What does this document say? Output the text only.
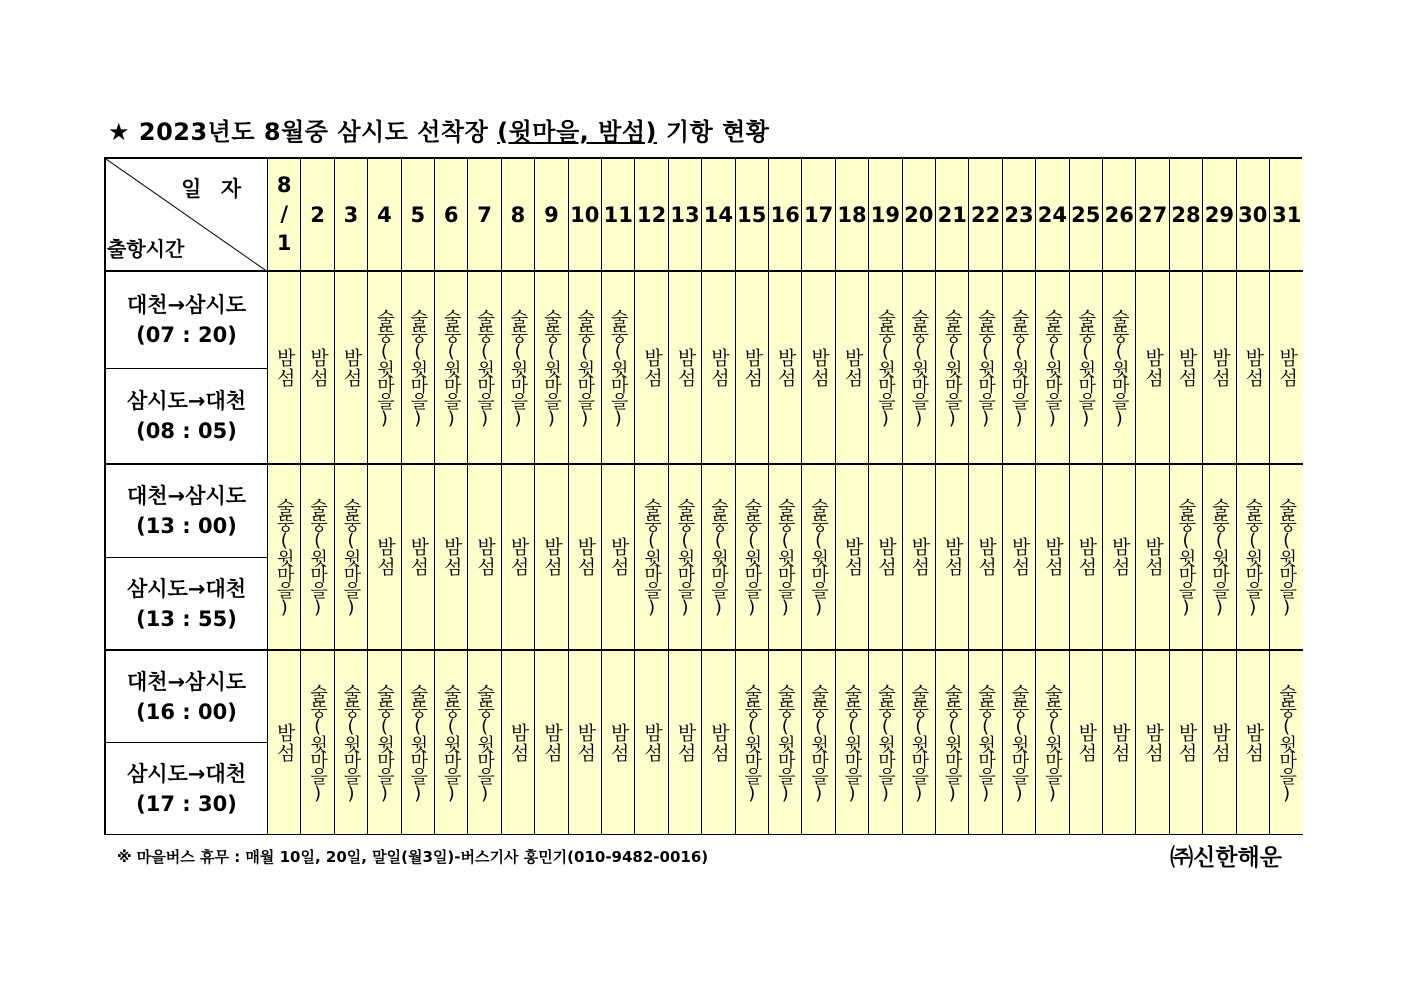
★ 2023년도 8월중 삼시도 선착장 (윗마을, 밤섬) 기항 현황
일 자
출항시간
8
/
1
2 3 4 5 6 7 8 9 10 11 12 13 14 15 16 17 18 19 20 21 22 23 24 25 26 27 28 29 30 31
대천→삼시도
(07 : 20)
삼시도→대천
(08 : 05)
밤섬 밤섬 밤섬 술뚱(윗마을) 술뚱(윗마을) 술뚱(윗마을) 술뚱(윗마을) 술뚱(윗마을) 술뚱(윗마을) 술뚱(윗마을) 술뚱(윗마을) 밤섬 밤섬 밤섬 밤섬 밤섬 밤섬 밤섬 술뚱(윗마을) 술뚱(윗마을) 술뚱(윗마을) 술뚱(윗마을) 술뚱(윗마을) 술뚱(윗마을) 술뚱(윗마을) 술뚱(윗마을) 밤섬 밤섬 밤섬 밤섬 밤섬
대천→삼시도
(13 : 00)
삼시도→대천
(13 : 55)
술뚱(윗마을) 술뚱(윗마을) 술뚱(윗마을) 밤섬 밤섬 밤섬 밤섬 밤섬 밤섬 밤섬 밤섬 술뚱(윗마을) 술뚱(윗마을) 술뚱(윗마을) 술뚱(윗마을) 술뚱(윗마을) 술뚱(윗마을) 밤섬 밤섬 밤섬 밤섬 밤섬 밤섬 밤섬 밤섬 밤섬 밤섬 술뚱(윗마을) 술뚱(윗마을) 술뚱(윗마을) 술뚱(윗마을)
대천→삼시도
(16 : 00)
삼시도→대천
(17 : 30)
밤섬 술뚱(윗마을) 술뚱(윗마을) 술뚱(윗마을) 술뚱(윗마을) 술뚱(윗마을) 술뚱(윗마을) 밤섬 밤섬 밤섬 밤섬 밤섬 밤섬 밤섬 술뚱(윗마을) 술뚱(윗마을) 술뚱(윗마을) 술뚱(윗마을) 술뚱(윗마을) 술뚱(윗마을) 술뚱(윗마을) 술뚱(윗마을) 술뚱(윗마을) 술뚱(윗마을) 밤섬 밤섬 밤섬 밤섬 밤섬 밤섬 술뚱(윗마을)
※ 마을버스 휴무 : 매월 10일, 20일, 말일(월3일)-버스기사 홍민기(010-9482-0016)	㈜신한해운
